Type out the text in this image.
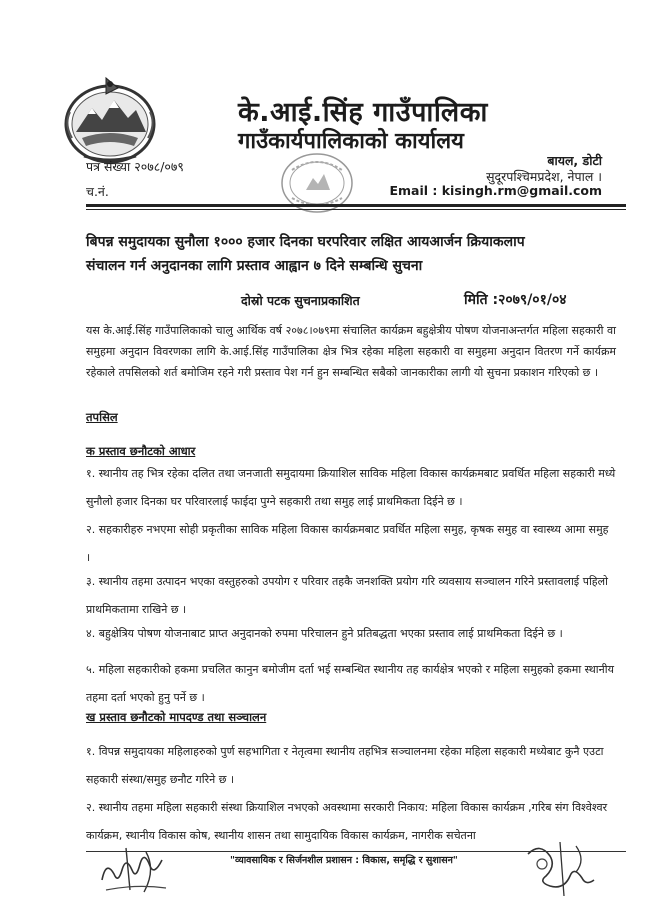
के.आई.सिंह गाउँपालिका
गाउँकार्यपालिकाको कार्यालय
पत्र संख्या २०७८/०७९
च.नं.
बायल, डोटी
सुदूरपश्चिमप्रदेश, नेपाल ।
Email : kisingh.rm@gmail.com
बिपन्न समुदायका सुनौला १००० हजार दिनका घरपरिवार लक्षित आयआर्जन क्रियाकलाप
संचालन गर्न अनुदानका लागि प्रस्ताव आह्वान ७ दिने सम्बन्धि सुचना
दोस्रो पटक सुचनाप्रकाशित	मिति :२०७९/०१/०४
यस के.आई.सिंह गाउँपालिकाको चालु आर्थिक वर्ष २०७८।०७९मा संचालित कार्यक्रम बहुक्षेत्रीय पोषण योजनाअन्तर्गत महिला सहकारी वा समुहमा अनुदान विवरणका लागि के.आई.सिंह गाउँपालिका क्षेत्र भित्र रहेका महिला सहकारी वा समुहमा अनुदान वितरण गर्ने कार्यक्रम रहेकाले तपसिलको शर्त बमोजिम रहने गरी प्रस्ताव पेश गर्न हुन सम्बन्धित सबैको जानकारीका लागी यो सुचना प्रकाशन गरिएको छ ।
तपसिल
क प्रस्ताव छनौटको आधार
१. स्थानीय तह भित्र रहेका दलित तथा जनजाती समुदायमा क्रियाशिल साविक महिला विकास कार्यक्रमबाट प्रवर्धित महिला सहकारी मध्ये सुनौलो हजार दिनका घर परिवारलाई फाईदा पुग्ने सहकारी तथा समुह लाई प्राथमिकता दिईने छ ।
२. सहकारीहरु नभएमा सोही प्रकृतीका साविक महिला विकास कार्यक्रमबाट प्रवर्धित महिला समुह, कृषक समुह वा स्वास्थ्य आमा समुह ।
३. स्थानीय तहमा उत्पादन भएका वस्तुहरुको उपयोग र परिवार तहकै जनशक्ति प्रयोग गरि व्यवसाय सञ्चालन गरिने प्रस्तावलाई पहिलो प्राथमिकतामा राखिने छ ।
४. बहुक्षेत्रिय पोषण योजनाबाट प्राप्त अनुदानको रुपमा परिचालन हुने प्रतिबद्धता भएका प्रस्ताव लाई प्राथमिकता दिईने छ ।
५. महिला सहकारीको हकमा प्रचलित कानुन बमोजीम दर्ता भई सम्बन्धित स्थानीय तह कार्यक्षेत्र भएको र महिला समुहको हकमा स्थानीय तहमा दर्ता भएको हुनु पर्ने छ ।
ख प्रस्ताव छनौटको मापदण्ड तथा सञ्चालन
१. विपन्न समुदायका महिलाहरुको पुर्ण सहभागिता र नेतृत्वमा स्थानीय तहभित्र सञ्चालनमा रहेका महिला सहकारी मध्येबाट कुनै एउटा सहकारी संस्था/समुह छनौट गरिने छ ।
२. स्थानीय तहमा महिला सहकारी संस्था क्रियाशिल नभएको अवस्थामा सरकारी निकाय: महिला विकास कार्यक्रम ,गरिब संग विश्वेश्वर कार्यक्रम, स्थानीय विकास कोष, स्थानीय शासन तथा सामुदायिक विकास कार्यक्रम, नागरीक सचेतना
"व्यावसायिक र सिर्जनशील प्रशासन : विकास, समृद्धि र सुशासन"
